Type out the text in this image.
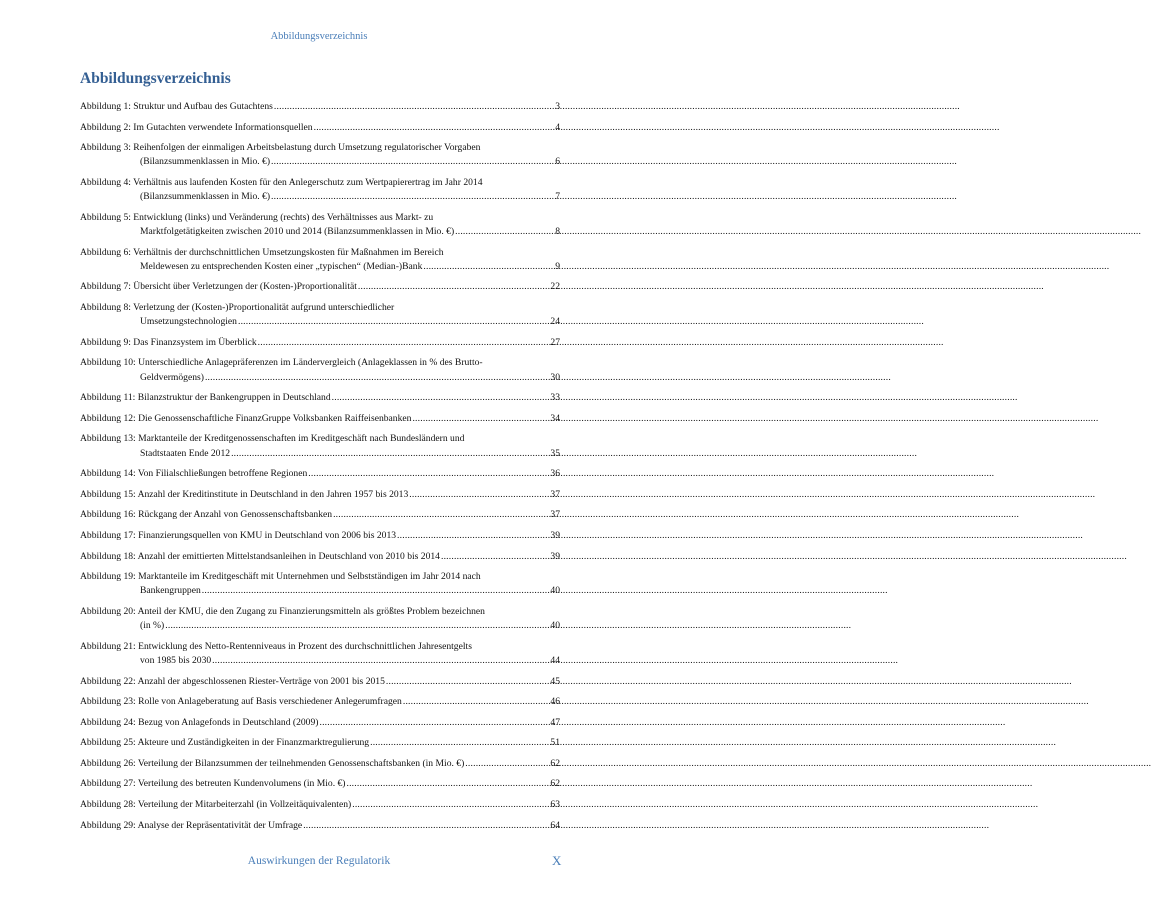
Abbildungsverzeichnis
Abbildungsverzeichnis
Abbildung 1: Struktur und Aufbau des Gutachtens .....	3
Abbildung 2: Im Gutachten verwendete Informationsquellen .....	4
Abbildung 3: Reihenfolgen der einmaligen Arbeitsbelastung durch Umsetzung regulatorischer Vorgaben
(Bilanzsummenklassen in Mio. €) .....	6
Abbildung 4: Verhältnis aus laufenden Kosten für den Anlegerschutz zum Wertpapierertrag im Jahr 2014
(Bilanzsummenklassen in Mio. €) .....	7
Abbildung 5: Entwicklung (links) und Veränderung (rechts) des Verhältnisses aus Markt- zu
Marktfolgetätigkeiten zwischen 2010 und 2014 (Bilanzsummenklassen in Mio. €) .....	8
Abbildung 6: Verhältnis der durchschnittlichen Umsetzungskosten für Maßnahmen im Bereich
Meldewesen zu entsprechenden Kosten einer „typischen“ (Median-)Bank .....	9
Abbildung 7: Übersicht über Verletzungen der (Kosten-)Proportionalität .....	22
Abbildung 8: Verletzung der (Kosten-)Proportionalität aufgrund unterschiedlicher
Umsetzungstechnologien .....	24
Abbildung 9: Das Finanzsystem im Überblick .....	27
Abbildung 10: Unterschiedliche Anlagepräferenzen im Ländervergleich (Anlageklassen in % des Brutto-
Geldvermögens) .....	30
Abbildung 11: Bilanzstruktur der Bankengruppen in Deutschland .....	33
Abbildung 12: Die Genossenschaftliche FinanzGruppe Volksbanken Raiffeisenbanken .....	34
Abbildung 13: Marktanteile der Kreditgenossenschaften im Kreditgeschäft nach Bundesländern und
Stadtstaaten Ende 2012 .....	35
Abbildung 14: Von Filialschließungen betroffene Regionen .....	36
Abbildung 15: Anzahl der Kreditinstitute in Deutschland in den Jahren 1957 bis 2013 .....	37
Abbildung 16: Rückgang der Anzahl von Genossenschaftsbanken .....	37
Abbildung 17: Finanzierungsquellen von KMU in Deutschland von 2006 bis 2013 .....	39
Abbildung 18: Anzahl der emittierten Mittelstandsanleihen in Deutschland von 2010 bis 2014 .....	39
Abbildung 19: Marktanteile im Kreditgeschäft mit Unternehmen und Selbstständigen im Jahr 2014 nach
Bankengruppen .....	40
Abbildung 20: Anteil der KMU, die den Zugang zu Finanzierungsmitteln als größtes Problem bezeichnen
(in %) .....	40
Abbildung 21: Entwicklung des Netto-Rentenniveaus in Prozent des durchschnittlichen Jahresentgelts
von 1985 bis 2030 .....	44
Abbildung 22: Anzahl der abgeschlossenen Riester-Verträge von 2001 bis 2015 .....	45
Abbildung 23: Rolle von Anlageberatung auf Basis verschiedener Anlegerumfragen .....	46
Abbildung 24: Bezug von Anlagefonds in Deutschland (2009) .....	47
Abbildung 25: Akteure und Zuständigkeiten in der Finanzmarktregulierung .....	51
Abbildung 26: Verteilung der Bilanzsummen der teilnehmenden Genossenschaftsbanken (in Mio. €) .....	62
Abbildung 27: Verteilung des betreuten Kundenvolumens (in Mio. €) .....	62
Abbildung 28: Verteilung der Mitarbeiterzahl (in Vollzeitäquivalenten) .....	63
Abbildung 29: Analyse der Repräsentativität der Umfrage .....	64
Auswirkungen der Regulatorik	X
